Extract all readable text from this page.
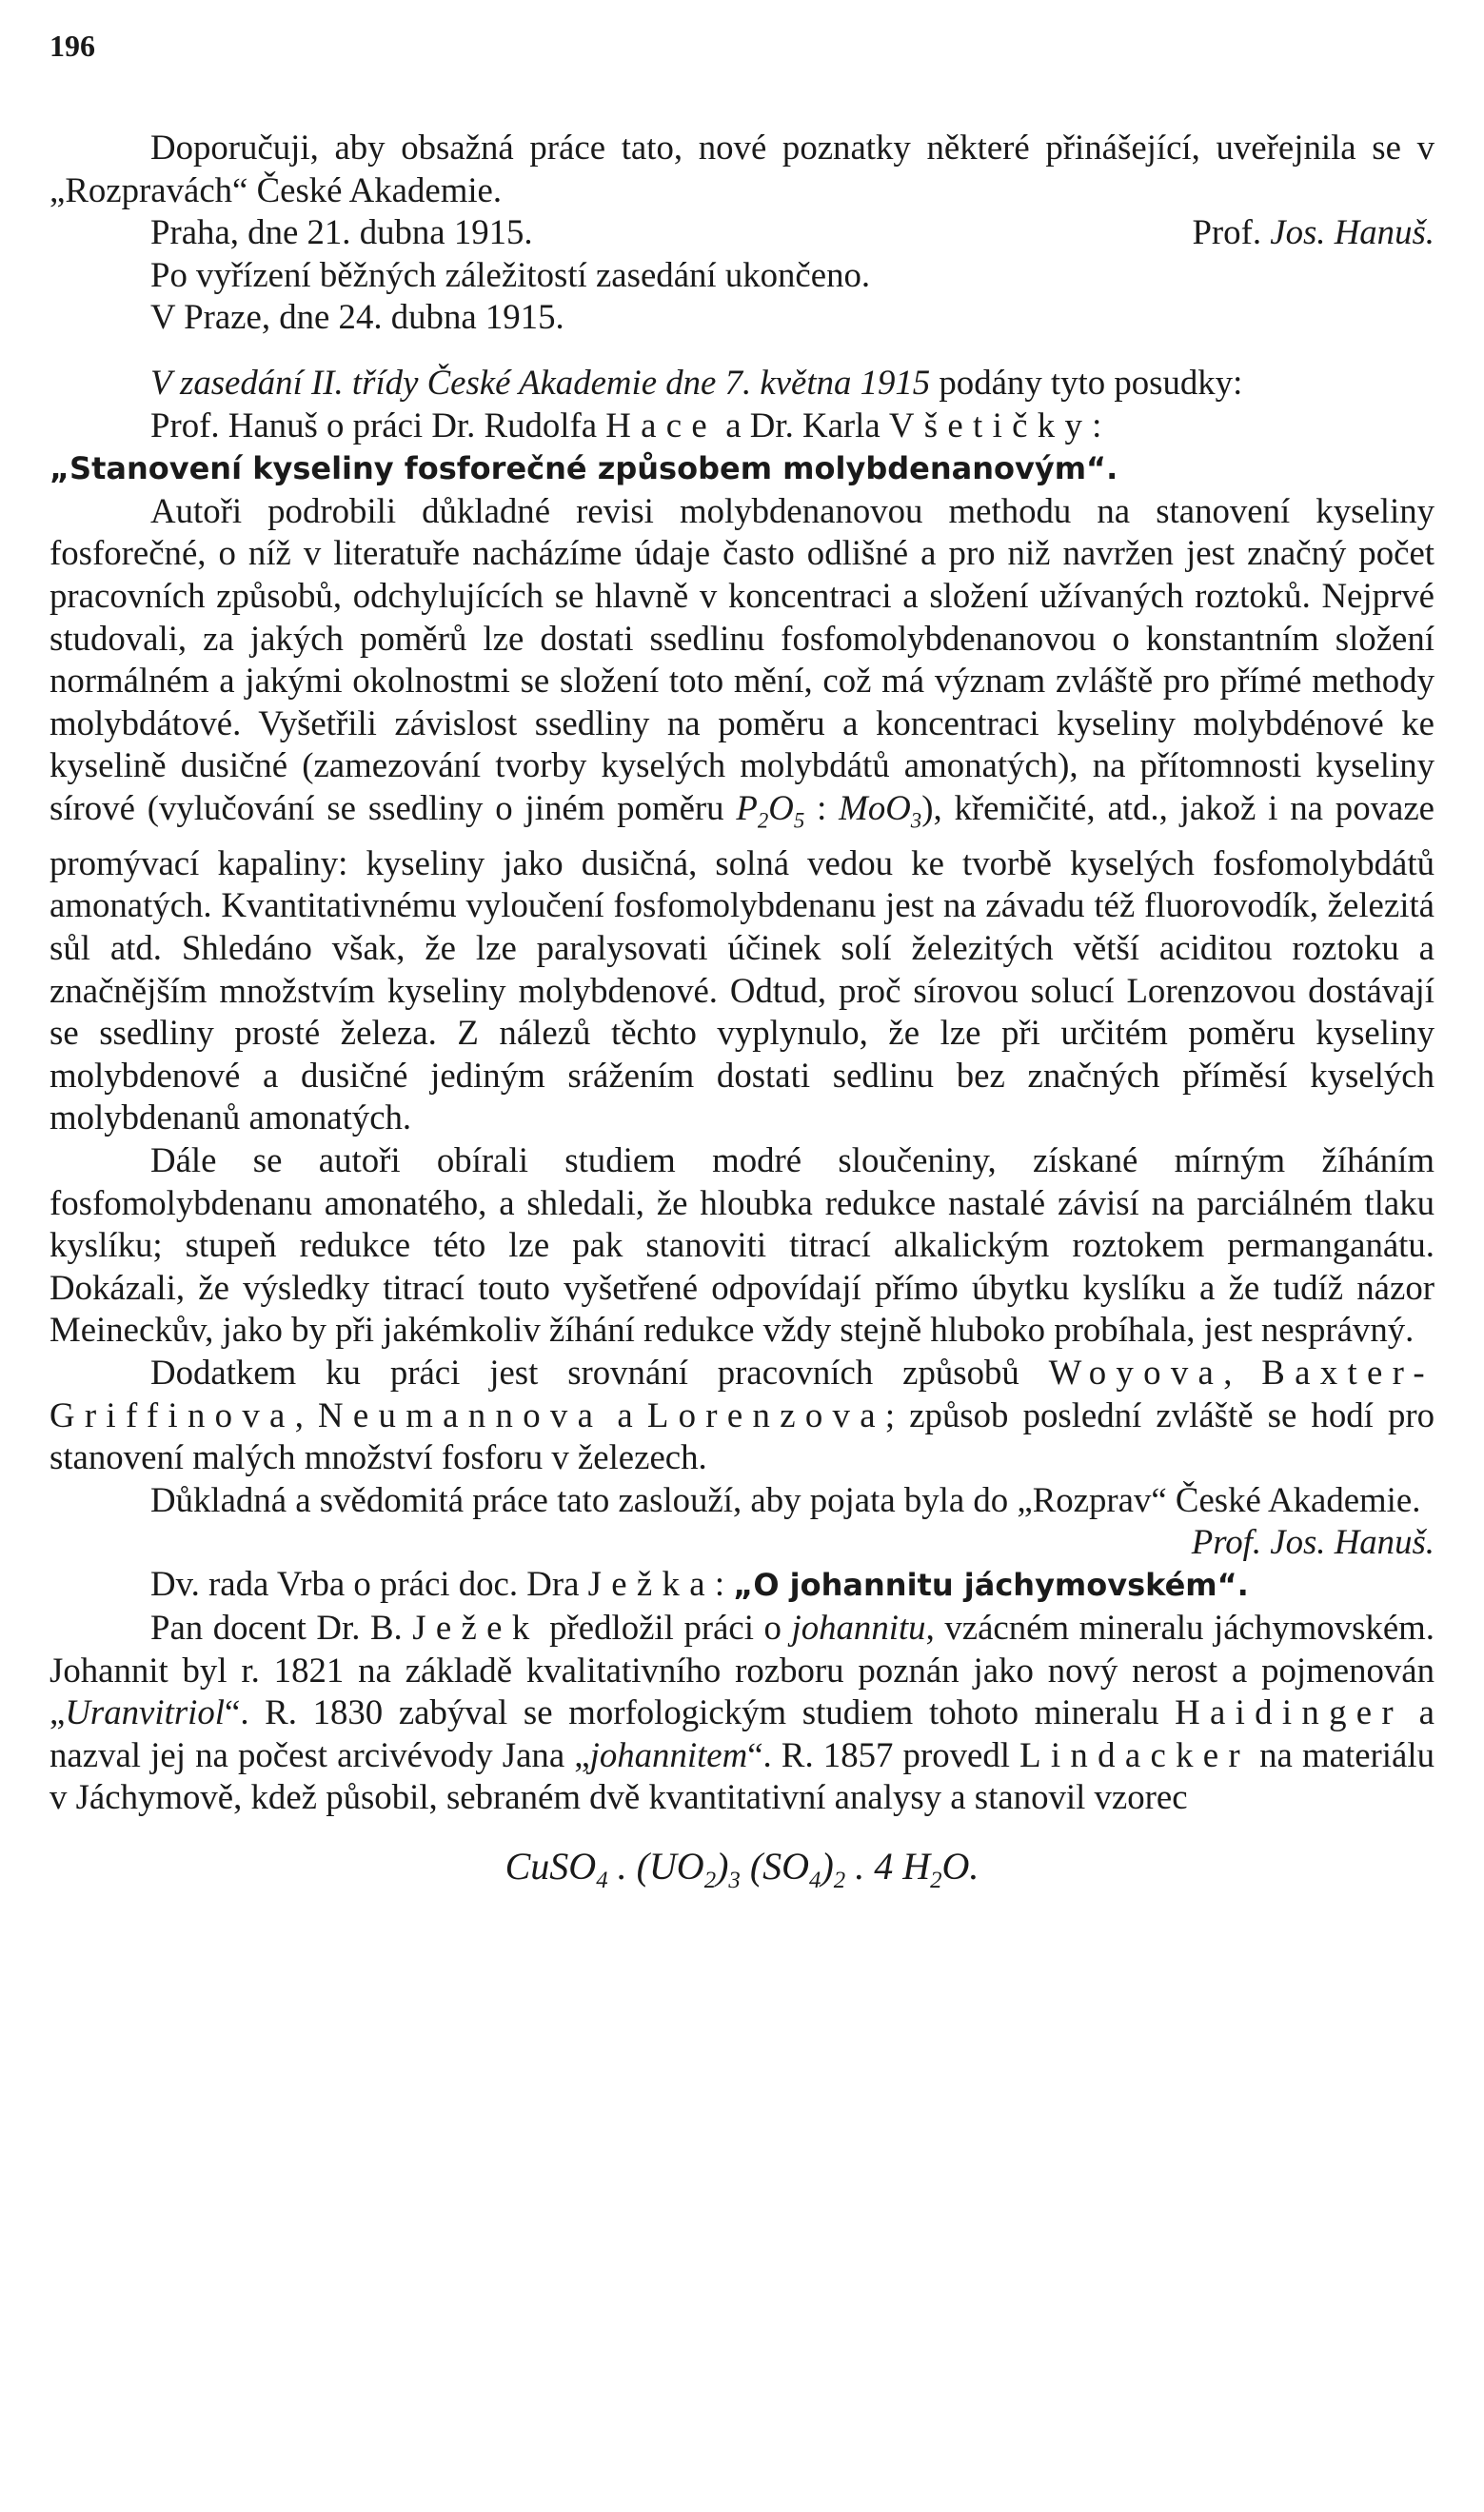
196

Doporučuji, aby obsažná práce tato, nové poznatky některé přinášející, uveřejnila se v „Rozpravách“ České Akademie.

Praha, dne 21. dubna 1915.	Prof. Jos. Hanuš.

Po vyřízení běžných záležitostí zasedání ukončeno.

V Praze, dne 24. dubna 1915.

V zasedání II. třídy České Akademie dne 7. května 1915 podány tyto posudky:

Prof. Hanuš o práci Dr. Rudolfa Hace a Dr. Karla Všetičky:
„Stanovení kyseliny fosforečné způsobem molybdenanovým“.

Autoři podrobili důkladné revisi molybdenanovou methodu na stanovení kyseliny fosforečné, o níž v literatuře nacházíme údaje často odlišné a pro niž navržen jest značný počet pracovních způsobů, odchylujících se hlavně v koncentraci a složení užívaných roztoků. Nejprvé studovali, za jakých poměrů lze dostati ssedlinu fosfomolybdenanovou o konstantním složení normálném a jakými okolnostmi se složení toto mění, což má význam zvláště pro přímé methody molybdátové. Vyšetřili závislost ssedliny na poměru a koncentraci kyseliny molybdénové ke kyselině dusičné (zamezování tvorby kyselých molybdátů amonatých), na přítomnosti kyseliny sírové (vylučování se ssedliny o jiném poměru $P_2O_5$ : MoO$_3$), křemičité, atd., jakož i na povaze promývací kapaliny: kyseliny jako dusičná, solná vedou ke tvorbě kyselých fosfomolybdátů amonatých. Kvantitativnému vyloučení fosfomolybdenanu jest na závadu též fluorovodík, železitá sůl atd. Shledáno však, že lze paralysovati účinek solí železitých větší aciditou roztoku a značnějším množstvím kyseliny molybdenové. Odtud, proč sírovou solucí Lorenzovou dostávají se ssedliny prosté železa. Z nálezů těchto vyplynulo, že lze při určitém poměru kyseliny molybdenové a dusičné jediným srážením dostati sedlinu bez značných příměsí kyselých molybdenanů amonatých.

Dále se autoři obírali studiem modré sloučeniny, získané mírným žíháním fosfomolybdenanu amonatého, a shledali, že hloubka redukce nastalé závisí na parciálném tlaku kyslíku; stupeň redukce této lze pak stanoviti titrací alkalickým roztokem permanganátu. Dokázali, že výsledky titrací touto vyšetřené odpovídají přímo úbytku kyslíku a že tudíž názor Meineckův, jako by při jakémkoliv žíhání redukce vždy stejně hluboko probíhala, jest nesprávný.

Dodatkem ku práci jest srovnání pracovních způsobů Woyova, Baxter-Griffinova, Neumannova a Lorenzova; způsob poslední zvláště se hodí pro stanovení malých množství fosforu v železech.

Důkladná a svědomitá práce tato zaslouží, aby pojata byla do „Rozprav“ České Akademie.
Prof. Jos. Hanuš.

Dv. rada Vrba o práci doc. Dra Ježka: „O johannitu jáchymovském“.

Pan docent Dr. B. Ježek předložil práci o johannitu, vzácném mineralu jáchymovském. Johannit byl r. 1821 na základě kvalitativního rozboru poznán jako nový nerost a pojmenován „Uranvitriol“. R. 1830 zabýval se morfologickým studiem tohoto mineralu Haidinger a nazval jej na počest arcivévody Jana „johannitem“. R. 1857 provedl Lindacker na materiálu v Jáchymově, kdež působil, sebraném dvě kvantitativní analysy a stanovil vzorec

CuSO$_4$ . $(UO_2)_3$ $(SO_4)_2$ . 4 $H_2O$.
